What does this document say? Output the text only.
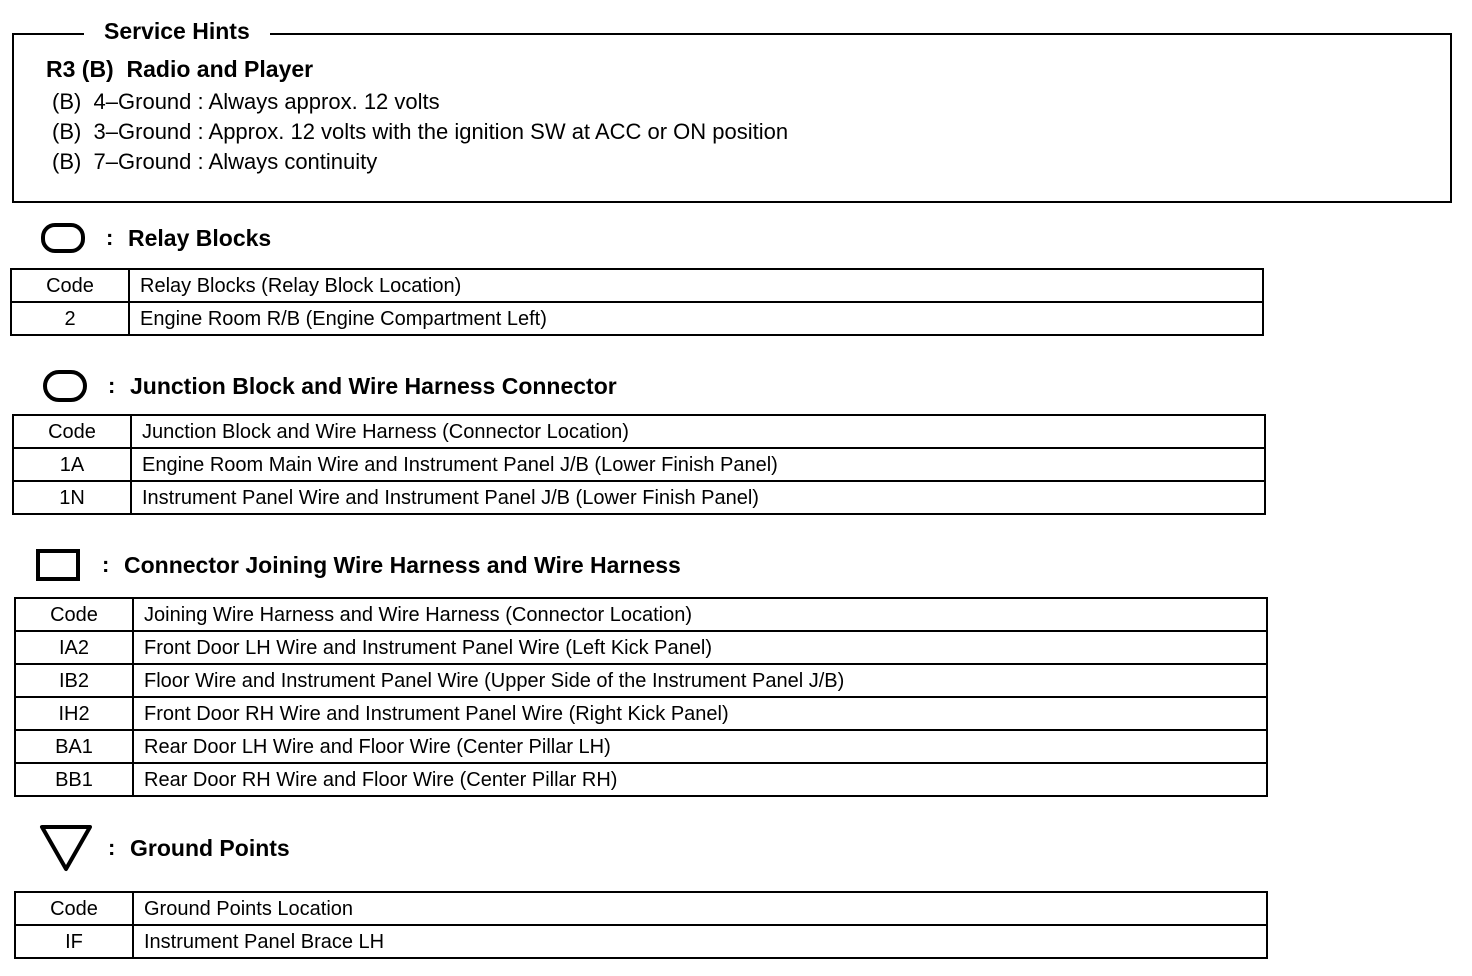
Service Hints
R3 (B)  Radio and Player
(B)  4–Ground : Always approx. 12 volts
(B)  3–Ground : Approx. 12 volts with the ignition SW at ACC or ON position
(B)  7–Ground : Always continuity
: Relay Blocks
Code	Relay Blocks (Relay Block Location)
2	Engine Room R/B (Engine Compartment Left)
: Junction Block and Wire Harness Connector
Code	Junction Block and Wire Harness (Connector Location)
1A	Engine Room Main Wire and Instrument Panel J/B (Lower Finish Panel)
1N	Instrument Panel Wire and Instrument Panel J/B (Lower Finish Panel)
: Connector Joining Wire Harness and Wire Harness
Code	Joining Wire Harness and Wire Harness (Connector Location)
IA2	Front Door LH Wire and Instrument Panel Wire (Left Kick Panel)
IB2	Floor Wire and Instrument Panel Wire (Upper Side of the Instrument Panel J/B)
IH2	Front Door RH Wire and Instrument Panel Wire (Right Kick Panel)
BA1	Rear Door LH Wire and Floor Wire (Center Pillar LH)
BB1	Rear Door RH Wire and Floor Wire (Center Pillar RH)
: Ground Points
Code	Ground Points Location
IF	Instrument Panel Brace LH
